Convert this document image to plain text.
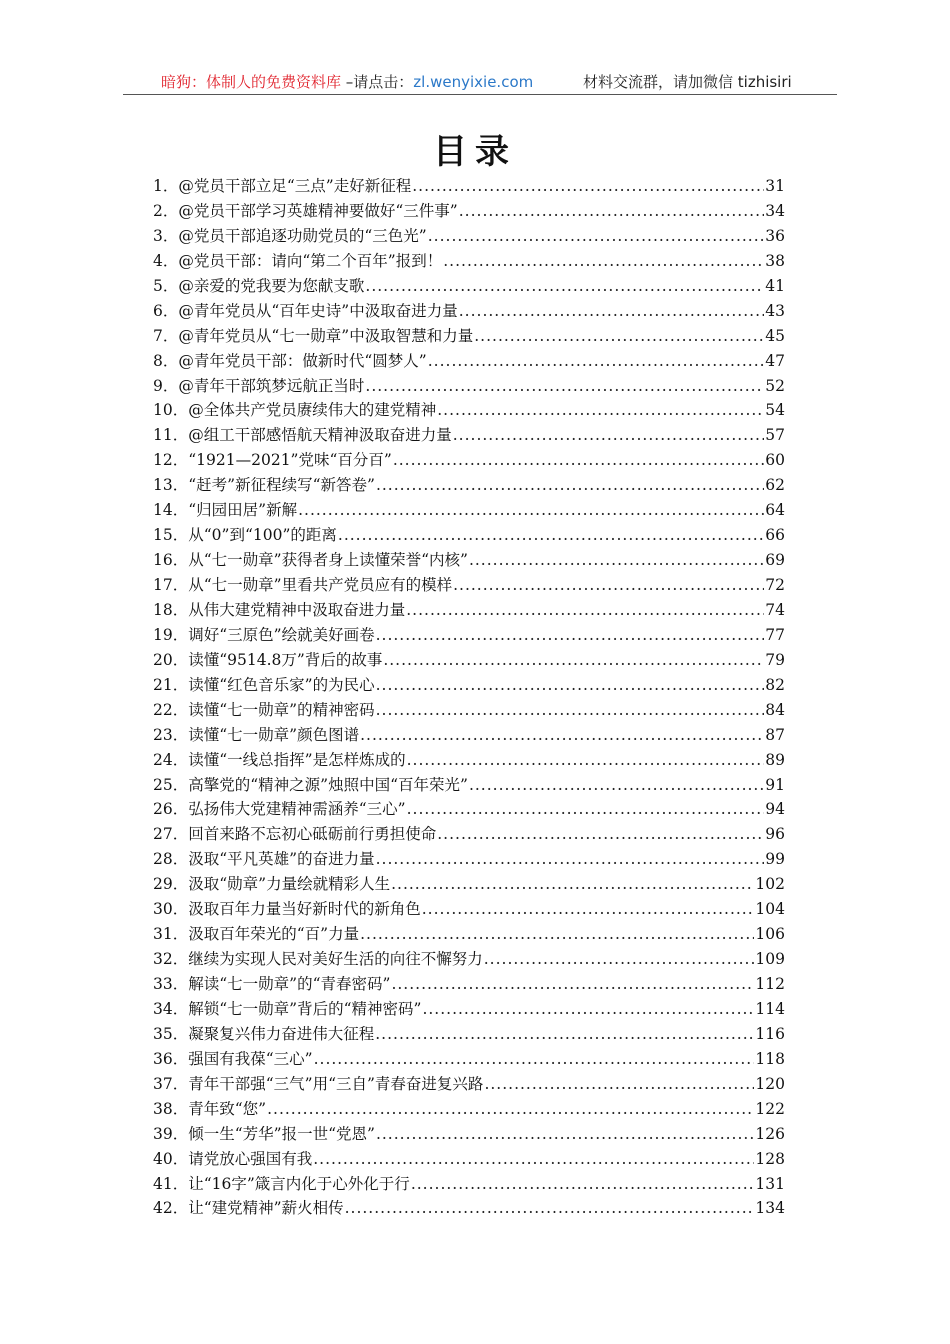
暗狗：体制人的免费资料库 –请点击：zl.wenyixie.com	材料交流群，请加微信 tizhisiri
目录
1． @党员干部立足“三点”走好新征程 .....	31
2． @党员干部学习英雄精神要做好“三件事” .....	34
3． @党员干部追逐功勋党员的“三色光” .....	36
4． @党员干部：请向“第二个百年”报到！ .....	38
5． @亲爱的党我要为您献支歌 .....	41
6． @青年党员从“百年史诗”中汲取奋进力量 .....	43
7． @青年党员从“七一勋章”中汲取智慧和力量 .....	45
8． @青年党员干部：做新时代“圆梦人” .....	47
9． @青年干部筑梦远航正当时 .....	52
10． @全体共产党员赓续伟大的建党精神 .....	54
11． @组工干部感悟航天精神汲取奋进力量 .....	57
12． “1921—2021”党味“百分百” .....	60
13． “赶考”新征程续写“新答卷” .....	62
14． “归园田居”新解 .....	64
15． 从“0”到“100”的距离 .....	66
16． 从“七一勋章”获得者身上读懂荣誉“内核” .....	69
17． 从“七一勋章”里看共产党员应有的模样 .....	72
18． 从伟大建党精神中汲取奋进力量 .....	74
19． 调好“三原色”绘就美好画卷 .....	77
20． 读懂“9514.8万”背后的故事 .....	79
21． 读懂“红色音乐家”的为民心 .....	82
22． 读懂“七一勋章”的精神密码 .....	84
23． 读懂“七一勋章”颜色图谱 .....	87
24． 读懂“一线总指挥”是怎样炼成的 .....	89
25． 高擎党的“精神之源”烛照中国“百年荣光” .....	91
26． 弘扬伟大党建精神需涵养“三心” .....	94
27． 回首来路不忘初心砥砺前行勇担使命 .....	96
28． 汲取“平凡英雄”的奋进力量 .....	99
29． 汲取“勋章”力量绘就精彩人生 .....	102
30． 汲取百年力量当好新时代的新角色 .....	104
31． 汲取百年荣光的“百”力量 .....	106
32． 继续为实现人民对美好生活的向往不懈努力 .....	109
33． 解读“七一勋章”的“青春密码” .....	112
34． 解锁“七一勋章”背后的“精神密码” .....	114
35． 凝聚复兴伟力奋进伟大征程 .....	116
36． 强国有我葆“三心” .....	118
37． 青年干部强“三气”用“三自”青春奋进复兴路 .....	120
38． 青年致“您” .....	122
39． 倾一生“芳华”报一世“党恩” .....	126
40． 请党放心强国有我 .....	128
41． 让“16字”箴言内化于心外化于行 .....	131
42． 让“建党精神”薪火相传 .....	134
